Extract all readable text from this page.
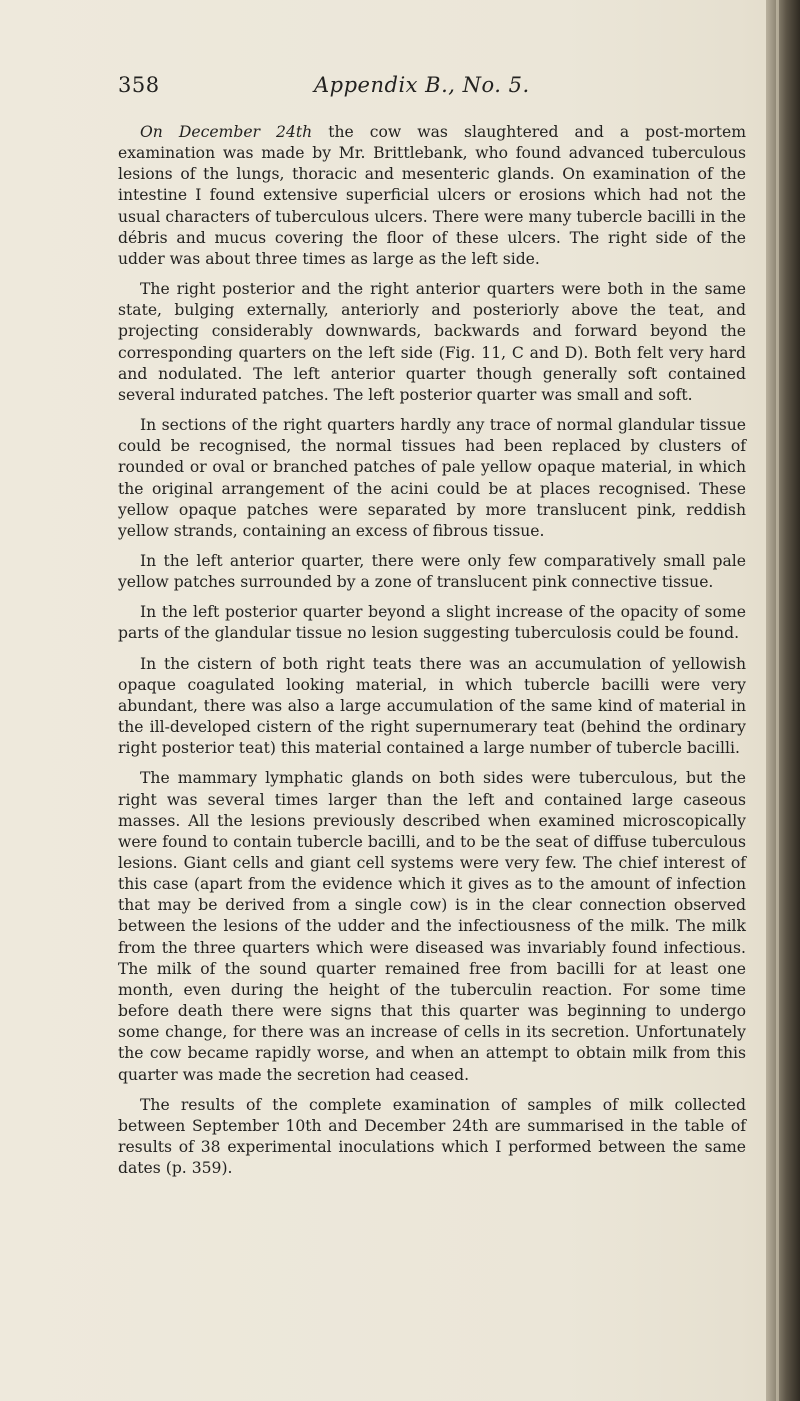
358	Appendix B., No. 5.

On December 24th the cow was slaughtered and a post-mortem examination was made by Mr. Brittlebank, who found advanced tuberculous lesions of the lungs, thoracic and mesenteric glands. On examination of the intestine I found extensive superficial ulcers or erosions which had not the usual characters of tuberculous ulcers. There were many tubercle bacilli in the débris and mucus covering the floor of these ulcers. The right side of the udder was about three times as large as the left side.

The right posterior and the right anterior quarters were both in the same state, bulging externally, anteriorly and posteriorly above the teat, and projecting considerably downwards, backwards and forward beyond the corresponding quarters on the left side (Fig. 11, C and D). Both felt very hard and nodulated. The left anterior quarter though generally soft contained several indurated patches. The left posterior quarter was small and soft.

In sections of the right quarters hardly any trace of normal glandular tissue could be recognised, the normal tissues had been replaced by clusters of rounded or oval or branched patches of pale yellow opaque material, in which the original arrangement of the acini could be at places recognised. These yellow opaque patches were separated by more translucent pink, reddish yellow strands, containing an excess of fibrous tissue.

In the left anterior quarter, there were only few comparatively small pale yellow patches surrounded by a zone of translucent pink connective tissue.

In the left posterior quarter beyond a slight increase of the opacity of some parts of the glandular tissue no lesion suggesting tuberculosis could be found.

In the cistern of both right teats there was an accumulation of yellowish opaque coagulated looking material, in which tubercle bacilli were very abundant, there was also a large accumulation of the same kind of material in the ill-developed cistern of the right supernumerary teat (behind the ordinary right posterior teat) this material contained a large number of tubercle bacilli.

The mammary lymphatic glands on both sides were tuberculous, but the right was several times larger than the left and contained large caseous masses. All the lesions previously described when examined microscopically were found to contain tubercle bacilli, and to be the seat of diffuse tuberculous lesions. Giant cells and giant cell systems were very few. The chief interest of this case (apart from the evidence which it gives as to the amount of infection that may be derived from a single cow) is in the clear connection observed between the lesions of the udder and the infectiousness of the milk. The milk from the three quarters which were diseased was invariably found infectious. The milk of the sound quarter remained free from bacilli for at least one month, even during the height of the tuberculin reaction. For some time before death there were signs that this quarter was beginning to undergo some change, for there was an increase of cells in its secretion. Unfortunately the cow became rapidly worse, and when an attempt to obtain milk from this quarter was made the secretion had ceased.

The results of the complete examination of samples of milk collected between September 10th and December 24th are summarised in the table of results of 38 experimental inoculations which I performed between the same dates (p. 359).
